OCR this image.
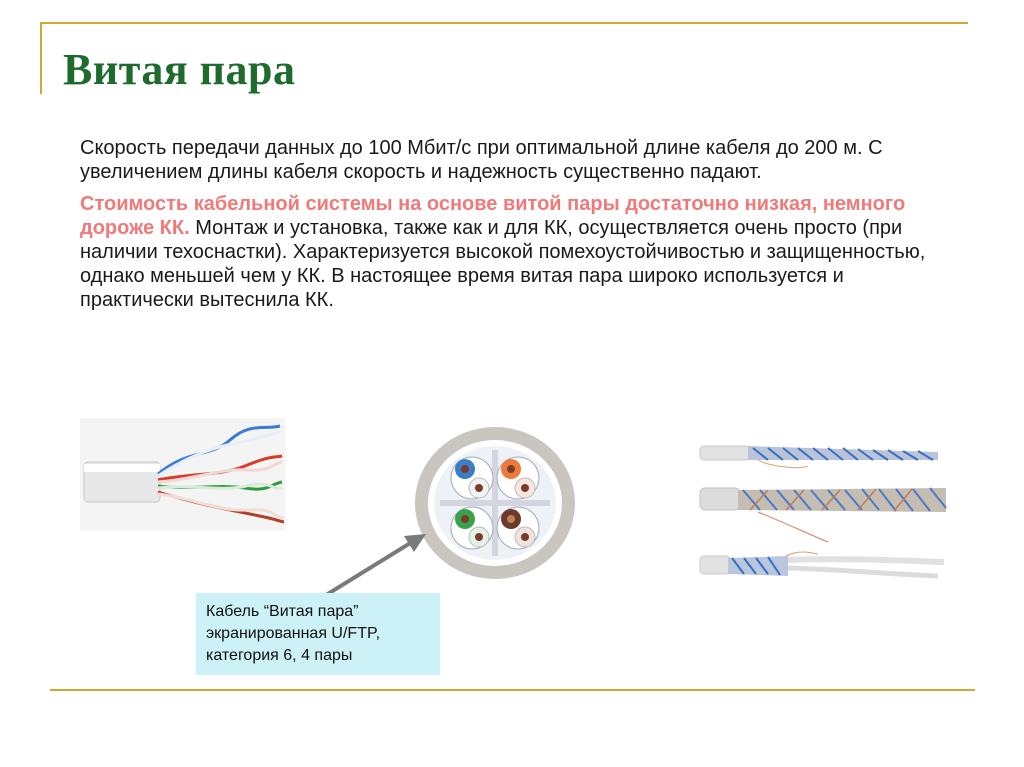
Витая пара

Скорость передачи данных до 100 Мбит/с при оптимальной длине кабеля до 200 м. С увеличением длины кабеля скорость и надежность существенно падают.

Стоимость кабельной системы на основе витой пары достаточно низкая, немного дороже КК. Монтаж и установка, также как и для КК, осуществляется очень просто (при наличии техоснастки). Характеризуется высокой помехоустойчивостью и защищенностью, однако меньшей чем у КК. В настоящее время витая пара широко используется и практически вытеснила КК.

Кабель “Витая пара”
экранированная U/FTP,
категория 6, 4 пары
